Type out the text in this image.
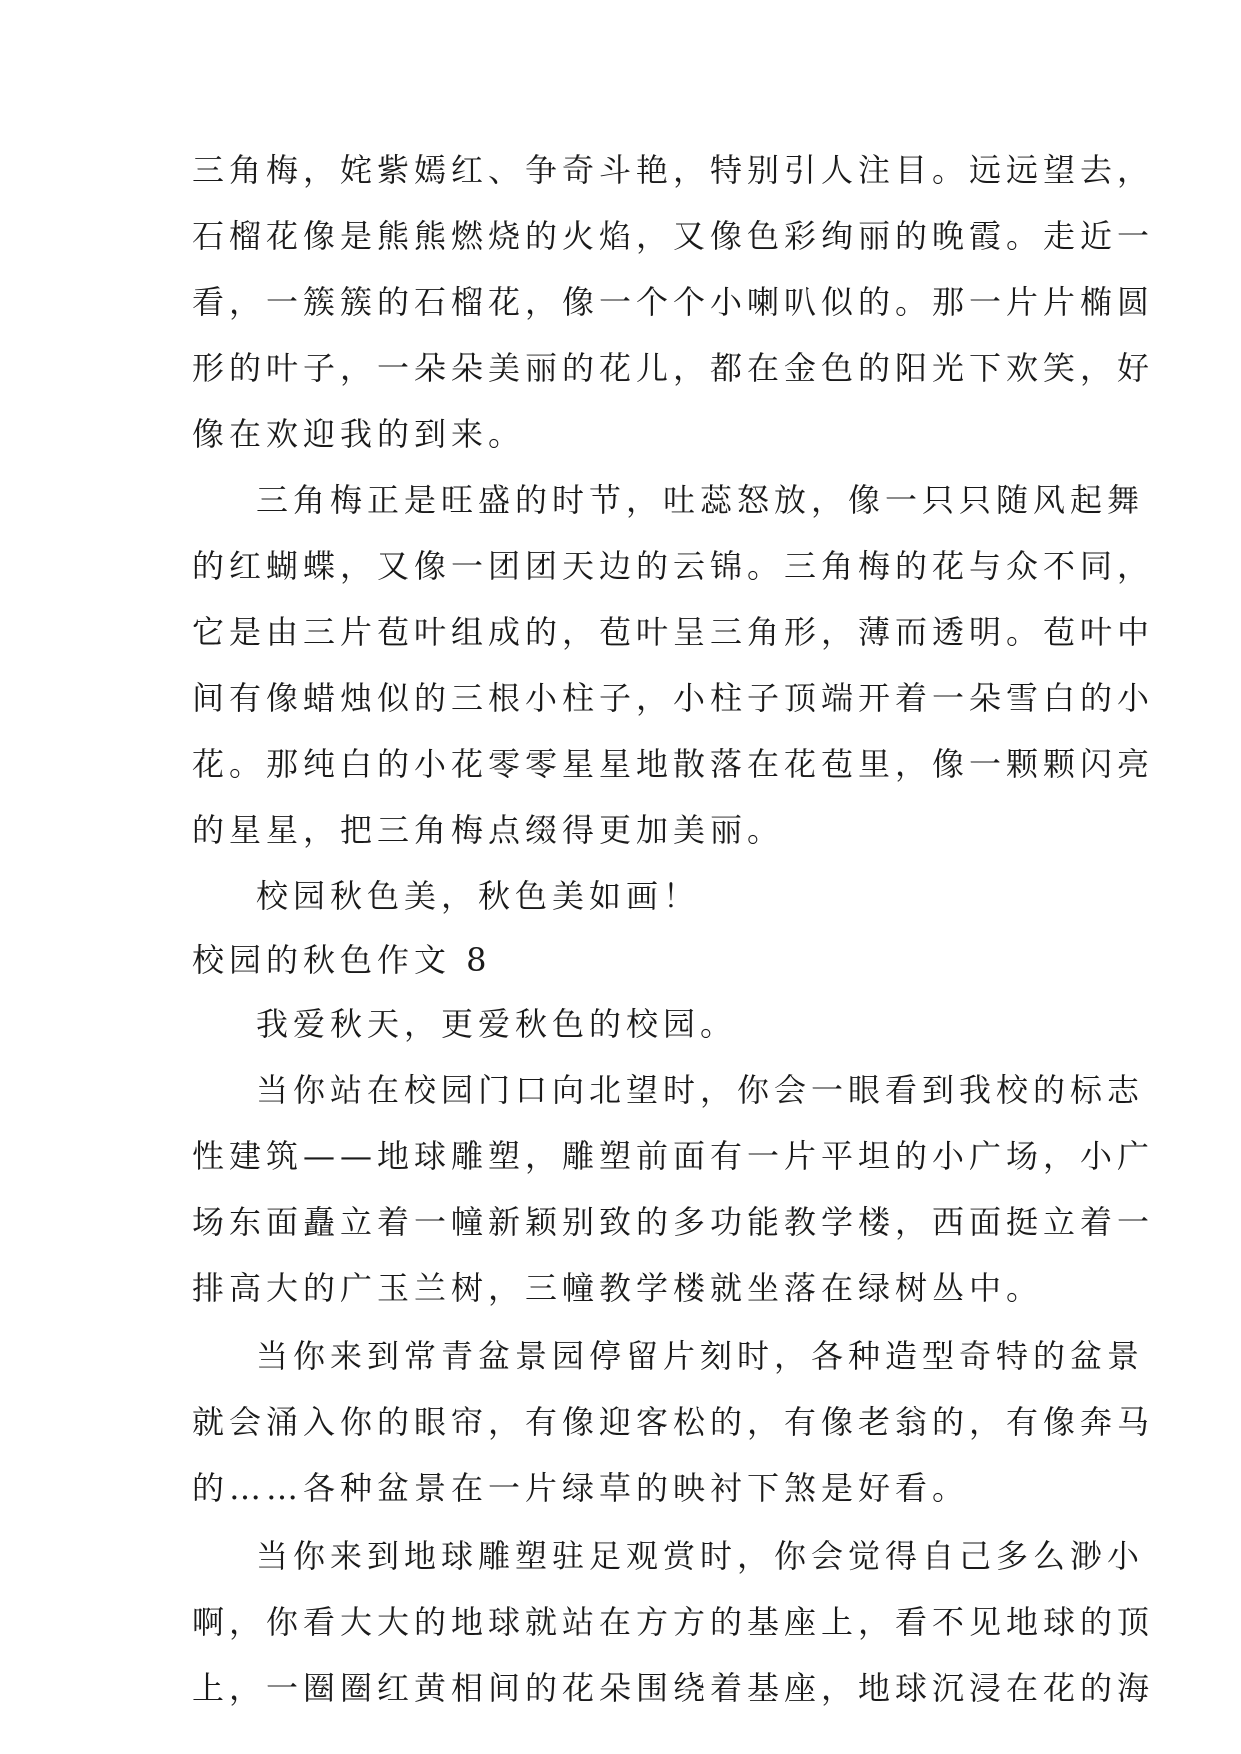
三角梅，姹紫嫣红、争奇斗艳，特别引人注目。远远望去，
石榴花像是熊熊燃烧的火焰，又像色彩绚丽的晚霞。走近一
看，一簇簇的石榴花，像一个个小喇叭似的。那一片片椭圆
形的叶子，一朵朵美丽的花儿，都在金色的阳光下欢笑，好
像在欢迎我的到来。
三角梅正是旺盛的时节，吐蕊怒放，像一只只随风起舞
的红蝴蝶，又像一团团天边的云锦。三角梅的花与众不同，
它是由三片苞叶组成的，苞叶呈三角形，薄而透明。苞叶中
间有像蜡烛似的三根小柱子，小柱子顶端开着一朵雪白的小
花。那纯白的小花零零星星地散落在花苞里，像一颗颗闪亮
的星星，把三角梅点缀得更加美丽。
校园秋色美，秋色美如画！
校园的秋色作文 8
我爱秋天，更爱秋色的校园。
当你站在校园门口向北望时，你会一眼看到我校的标志
性建筑——地球雕塑，雕塑前面有一片平坦的小广场，小广
场东面矗立着一幢新颖别致的多功能教学楼，西面挺立着一
排高大的广玉兰树，三幢教学楼就坐落在绿树丛中。
当你来到常青盆景园停留片刻时，各种造型奇特的盆景
就会涌入你的眼帘，有像迎客松的，有像老翁的，有像奔马
的……各种盆景在一片绿草的映衬下煞是好看。
当你来到地球雕塑驻足观赏时，你会觉得自己多么渺小
啊，你看大大的地球就站在方方的基座上，看不见地球的顶
上，一圈圈红黄相间的花朵围绕着基座，地球沉浸在花的海
